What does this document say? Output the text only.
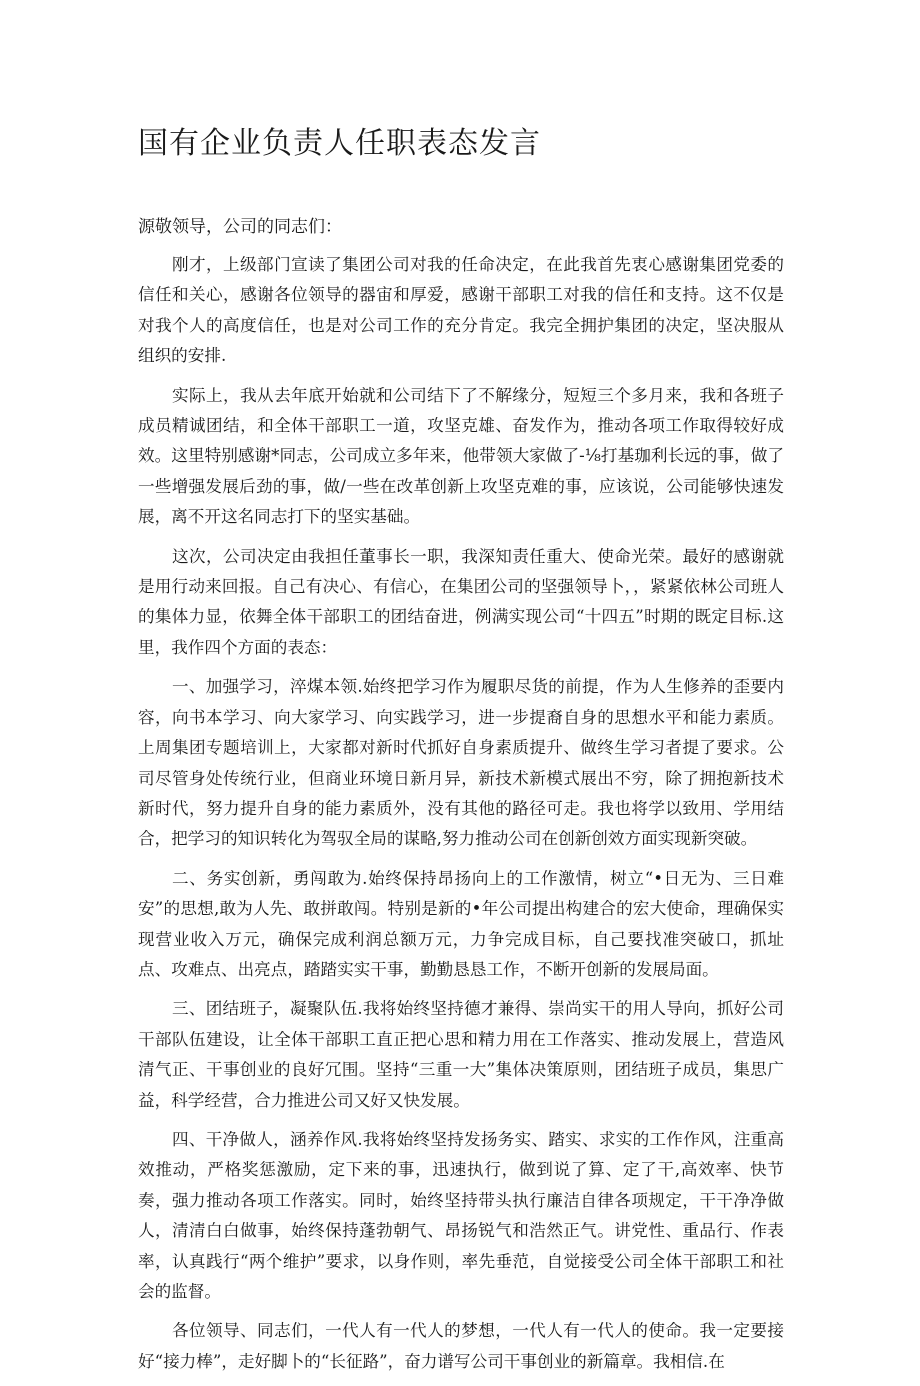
国有企业负责人任职表态发言

源敬领导，公司的同志们：

刚才，上级部门宣读了集团公司对我的任命决定，在此我首先衷心感谢集团党委的信任和关心，感谢各位领导的器宙和厚爱，感谢干部职工对我的信任和支持。这不仅是对我个人的高度信任，也是对公司工作的充分肯定。我完全拥护集团的决定，坚决服从组织的安排.

实际上，我从去年底开始就和公司结下了不解缘分，短短三个多月来，我和各班子成员精诚团结，和全体干部职工一道，攻坚克雄、奋发作为，推动各项工作取得较好成效。这里特别感谢*同志，公司成立多年来，他带领大家做了-⅛打基珈利长远的事，做了一些增强发展后劲的事，做/一些在改革创新上攻坚克难的事，应该说，公司能够快速发展，离不开这名同志打下的坚实基础。

这次，公司决定由我担任董事长一职，我深知责任重大、使命光荣。最好的感谢就是用行动来回报。自己有决心、有信心，在集团公司的坚强领导卜，，紧紧依林公司班人的集体力显，依舞全体干部职工的团结奋进，例满实现公司“十四五”时期的既定目标.这里，我作四个方面的表态：

一、加强学习，淬煤本领.始终把学习作为履职尽货的前提，作为人生修养的歪要内容，向书本学习、向大家学习、向实践学习，进一步提裔自身的思想水平和能力素质。上周集团专题培训上，大家都对新时代抓好自身素质提升、做终生学习者提了要求。公司尽管身处传统行业，但商业环境日新月异，新技术新模式展出不穷，除了拥抱新技术新时代，努力提升自身的能力素质外，没有其他的路径可走。我也将学以致用、学用结合，把学习的知识转化为驾驭全局的谋略,努力推动公司在创新创效方面实现新突破。

二、务实创新，勇闯敢为.始终保持昂扬向上的工作激情，树立“•日无为、三日难安”的思想,敢为人先、敢拼敢闯。特别是新的•年公司提出构建合的宏大使命，理确保实现营业收入万元，确保完成利润总额万元，力争完成目标，自己要找准突破口，抓址点、攻难点、出亮点，踏踏实实干事，勤勤恳恳工作，不断开创新的发展局面。

三、团结班子，凝聚队伍.我将始终坚持德才兼得、崇尚实干的用人导向，抓好公司干部队伍建设，让全体干部职工直正把心思和精力用在工作落实、推动发展上，营造风清气正、干事创业的良好冗围。坚持“三重一大”集体决策原则，团结班子成员，集思广益，科学经营，合力推进公司又好又快发展。

四、干净做人，涵养作风.我将始终坚持发扬务实、踏实、求实的工作作风，注重高效推动，严格奖惩激励，定下来的事，迅速执行，做到说了算、定了干,高效率、快节奏，强力推动各项工作落实。同时，始终坚持带头执行廉洁自律各项规定，干干净净做人，清清白白做事，始终保持蓬勃朝气、昂扬锐气和浩然正气。讲党性、重品行、作表率，认真践行“两个维护”要求，以身作则，率先垂范，自觉接受公司全体干部职工和社会的监督。

各位领导、同志们，一代人有一代人的梦想，一代人有一代人的使命。我一定要接好“接力棒”，走好脚卜的“长征路”，奋力谱写公司干事创业的新篇章。我相信.在
